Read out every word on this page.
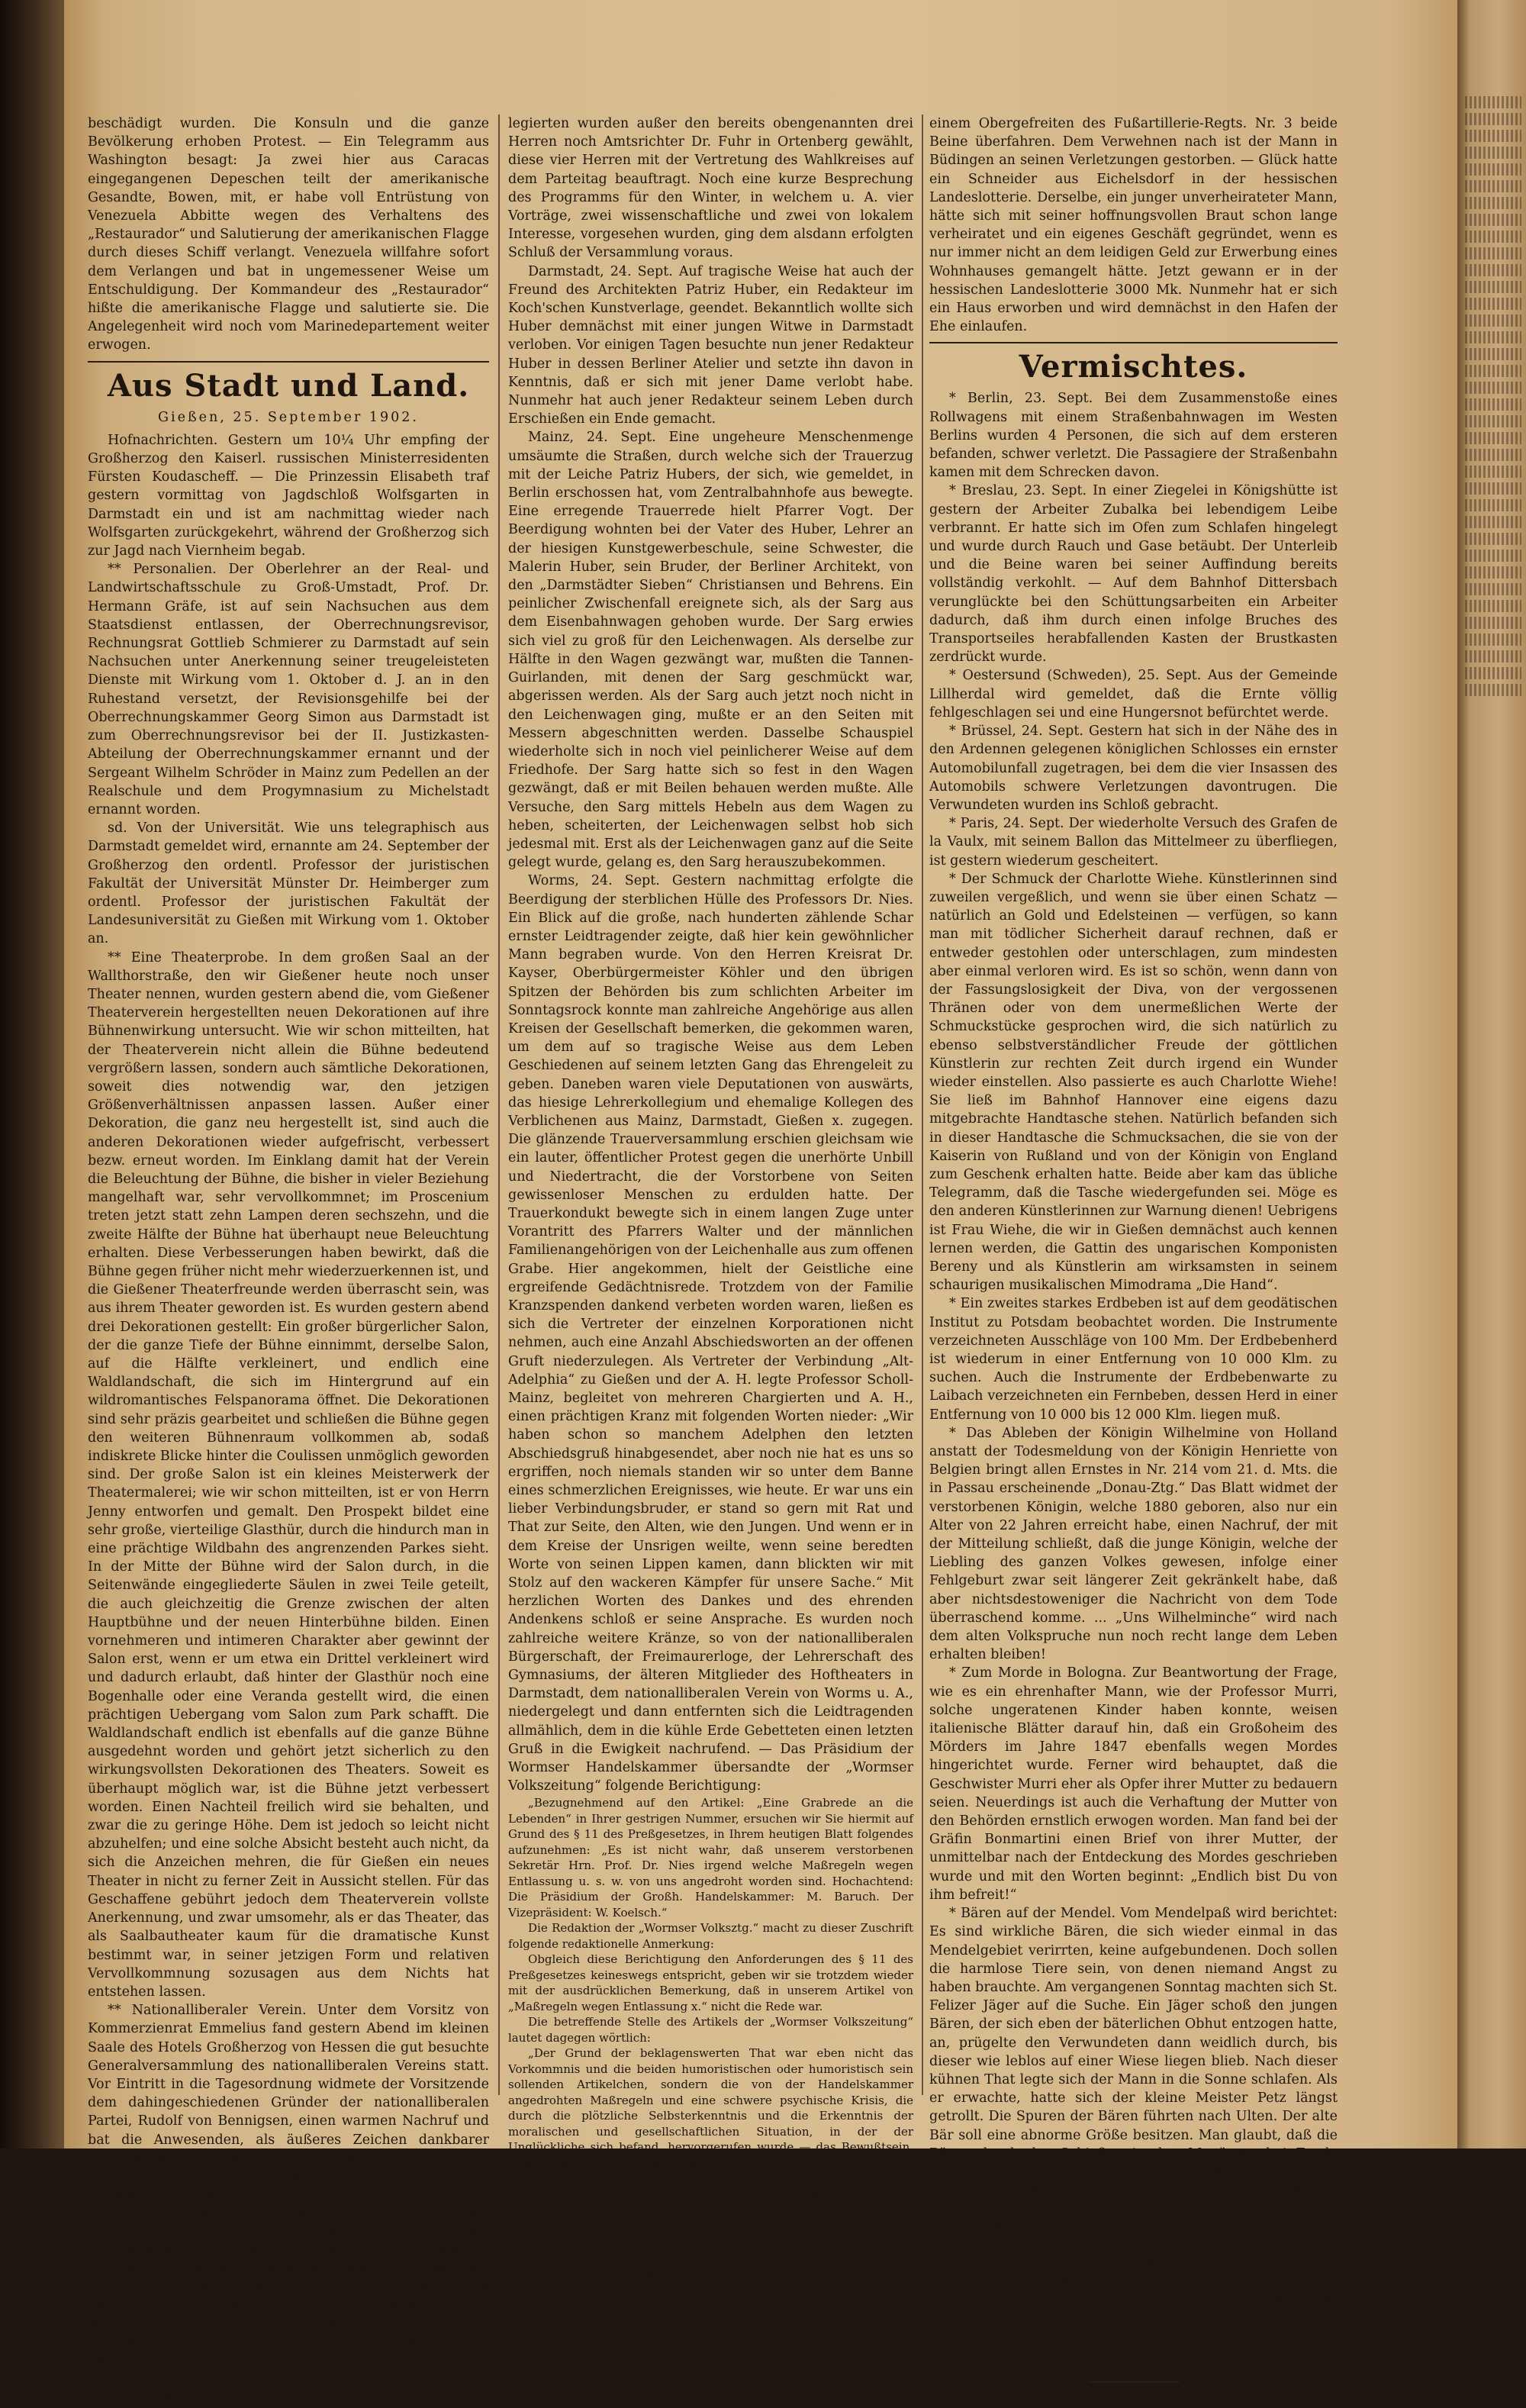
beschädigt wurden. Die Konsuln und die ganze Bevölkerung erhoben Protest. — Ein Telegramm aus Washington besagt: Ja zwei hier aus Caracas eingegangenen Depeschen teilt der amerikanische Gesandte, Bowen, mit, er habe voll Entrüstung von Venezuela Abbitte wegen des Verhaltens des „Restaurador“ und Salutierung der amerikanischen Flagge durch dieses Schiff verlangt. Venezuela willfahre sofort dem Verlangen und bat in ungemessener Weise um Entschuldigung. Der Kommandeur des „Restaurador“ hißte die amerikanische Flagge und salutierte sie. Die Angelegenheit wird noch vom Marinedepartement weiter erwogen.

Aus Stadt und Land.
Gießen, 25. September 1902.

Hofnachrichten. Gestern um 10¼ Uhr empfing der Großherzog den Kaiserl. russischen Ministerresidenten Fürsten Koudascheff. — Die Prinzessin Elisabeth traf gestern vormittag von Jagdschloß Wolfsgarten in Darmstadt ein und ist am nachmittag wieder nach Wolfsgarten zurückgekehrt, während der Großherzog sich zur Jagd nach Viernheim begab.

** Personalien. Der Oberlehrer an der Real- und Landwirtschaftsschule zu Groß-Umstadt, Prof. Dr. Hermann Gräfe, ist auf sein Nachsuchen aus dem Staatsdienst entlassen, der Oberrechnungsrevisor, Rechnungsrat Gottlieb Schmierer zu Darmstadt auf sein Nachsuchen unter Anerkennung seiner treugeleisteten Dienste mit Wirkung vom 1. Oktober d. J. an in den Ruhestand versetzt, der Revisionsgehilfe bei der Oberrechnungskammer Georg Simon aus Darmstadt ist zum Oberrechnungsrevisor bei der II. Justizkasten-Abteilung der Oberrechnungskammer ernannt und der Sergeant Wilhelm Schröder in Mainz zum Pedellen an der Realschule und dem Progymnasium zu Michelstadt ernannt worden.

sd. Von der Universität. Wie uns telegraphisch aus Darmstadt gemeldet wird, ernannte am 24. September der Großherzog den ordentl. Professor der juristischen Fakultät der Universität Münster Dr. Heimberger zum ordentl. Professor der juristischen Fakultät der Landesuniversität zu Gießen mit Wirkung vom 1. Oktober an.

** Eine Theaterprobe. In dem großen Saal an der Wallthorstraße, den wir Gießener heute noch unser Theater nennen, wurden gestern abend die, vom Gießener Theaterverein hergestellten neuen Dekorationen auf ihre Bühnenwirkung untersucht. Wie wir schon mitteilten, hat der Theaterverein nicht allein die Bühne bedeutend vergrößern lassen, sondern auch sämtliche Dekorationen, soweit dies notwendig war, den jetzigen Größenverhältnissen anpassen lassen. Außer einer Dekoration, die ganz neu hergestellt ist, sind auch die anderen Dekorationen wieder aufgefrischt, verbessert bezw. erneut worden. Im Einklang damit hat der Verein die Beleuchtung der Bühne, die bisher in vieler Beziehung mangelhaft war, sehr vervollkommnet; im Proscenium treten jetzt statt zehn Lampen deren sechszehn, und die zweite Hälfte der Bühne hat überhaupt neue Beleuchtung erhalten. Diese Verbesserungen haben bewirkt, daß die Bühne gegen früher nicht mehr wiederzuerkennen ist, und die Gießener Theaterfreunde werden überrascht sein, was aus ihrem Theater geworden ist. Es wurden gestern abend drei Dekorationen gestellt: Ein großer bürgerlicher Salon, der die ganze Tiefe der Bühne einnimmt, derselbe Salon, auf die Hälfte verkleinert, und endlich eine Waldlandschaft, die sich im Hintergrund auf ein wildromantisches Felspanorama öffnet. Die Dekorationen sind sehr präzis gearbeitet und schließen die Bühne gegen den weiteren Bühnenraum vollkommen ab, sodaß indiskrete Blicke hinter die Coulissen unmöglich geworden sind. Der große Salon ist ein kleines Meisterwerk der Theatermalerei; wie wir schon mitteilten, ist er von Herrn Jenny entworfen und gemalt. Den Prospekt bildet eine sehr große, vierteilige Glasthür, durch die hindurch man in eine prächtige Wildbahn des angrenzenden Parkes sieht. In der Mitte der Bühne wird der Salon durch, in die Seitenwände eingegliederte Säulen in zwei Teile geteilt, die auch gleichzeitig die Grenze zwischen der alten Hauptbühne und der neuen Hinterbühne bilden. Einen vornehmeren und intimeren Charakter aber gewinnt der Salon erst, wenn er um etwa ein Drittel verkleinert wird und dadurch erlaubt, daß hinter der Glasthür noch eine Bogenhalle oder eine Veranda gestellt wird, die einen prächtigen Uebergang vom Salon zum Park schafft. Die Waldlandschaft endlich ist ebenfalls auf die ganze Bühne ausgedehnt worden und gehört jetzt sicherlich zu den wirkungsvollsten Dekorationen des Theaters. Soweit es überhaupt möglich war, ist die Bühne jetzt verbessert worden. Einen Nachteil freilich wird sie behalten, und zwar die zu geringe Höhe. Dem ist jedoch so leicht nicht abzuhelfen; und eine solche Absicht besteht auch nicht, da sich die Anzeichen mehren, die für Gießen ein neues Theater in nicht zu ferner Zeit in Aussicht stellen. Für das Geschaffene gebührt jedoch dem Theaterverein vollste Anerkennung, und zwar umsomehr, als er das Theater, das als Saalbautheater kaum für die dramatische Kunst bestimmt war, in seiner jetzigen Form und relativen Vervollkommnung sozusagen aus dem Nichts hat entstehen lassen.

** Nationalliberaler Verein. Unter dem Vorsitz von Kommerzienrat Emmelius fand gestern Abend im kleinen Saale des Hotels Großherzog von Hessen die gut besuchte Generalversammlung des nationalliberalen Vereins statt. Vor Eintritt in die Tagesordnung widmete der Vorsitzende dem dahingeschiedenen Gründer der nationalliberalen Partei, Rudolf von Bennigsen, einen warmen Nachruf und bat die Anwesenden, als äußeres Zeichen dankbarer Anerkennung und ehrenden Angedenkens sich von ihren Sitzen zu erheben. Zur Landtagswahl wurde einstimmig beschlossen, die Wiederwahl des seitherigen Abgeordneten Justizrat Dr. Gutfleisch zu empfehlen und mit dem Freisinnigen Verein gemeinsam die nötigen Vorbereitungen zu treffen; in die hierfür bestimmte Kommission wurden die Kommerzienräte Emmelius und Heyligenstaedt und Stadtv. Kirch gewählt. Ueber die auf der Tagesordnung des am 10.—12. Oktober in Eisenach stattfindenden Parteitages stehenden Anträge entwickelte sich eine sehr interessante und lebhafte Diskussion, an der sich Prof. Dr. Biermer, Geh. Hofrat Dr. Siebeck, Kommerzienrat Heyligenstaedt, Landgerichtsrat Dornseiff, Stadtv. Kirch u. A. beteiligten. Zu De-

legierten wurden außer den bereits obengenannten drei Herren noch Amtsrichter Dr. Fuhr in Ortenberg gewählt, diese vier Herren mit der Vertretung des Wahlkreises auf dem Parteitag beauftragt. Noch eine kurze Besprechung des Programms für den Winter, in welchem u. A. vier Vorträge, zwei wissenschaftliche und zwei von lokalem Interesse, vorgesehen wurden, ging dem alsdann erfolgten Schluß der Versammlung voraus.

Darmstadt, 24. Sept. Auf tragische Weise hat auch der Freund des Architekten Patriz Huber, ein Redakteur im Koch'schen Kunstverlage, geendet. Bekanntlich wollte sich Huber demnächst mit einer jungen Witwe in Darmstadt verloben. Vor einigen Tagen besuchte nun jener Redakteur Huber in dessen Berliner Atelier und setzte ihn davon in Kenntnis, daß er sich mit jener Dame verlobt habe. Nunmehr hat auch jener Redakteur seinem Leben durch Erschießen ein Ende gemacht.

Mainz, 24. Sept. Eine ungeheure Menschenmenge umsäumte die Straßen, durch welche sich der Trauerzug mit der Leiche Patriz Hubers, der sich, wie gemeldet, in Berlin erschossen hat, vom Zentralbahnhofe aus bewegte. Eine erregende Trauerrede hielt Pfarrer Vogt. Der Beerdigung wohnten bei der Vater des Huber, Lehrer an der hiesigen Kunstgewerbeschule, seine Schwester, die Malerin Huber, sein Bruder, der Berliner Architekt, von den „Darmstädter Sieben“ Christiansen und Behrens. Ein peinlicher Zwischenfall ereignete sich, als der Sarg aus dem Eisenbahnwagen gehoben wurde. Der Sarg erwies sich viel zu groß für den Leichenwagen. Als derselbe zur Hälfte in den Wagen gezwängt war, mußten die Tannen-Guirlanden, mit denen der Sarg geschmückt war, abgerissen werden. Als der Sarg auch jetzt noch nicht in den Leichenwagen ging, mußte er an den Seiten mit Messern abgeschnitten werden. Dasselbe Schauspiel wiederholte sich in noch viel peinlicherer Weise auf dem Friedhofe. Der Sarg hatte sich so fest in den Wagen gezwängt, daß er mit Beilen behauen werden mußte. Alle Versuche, den Sarg mittels Hebeln aus dem Wagen zu heben, scheiterten, der Leichenwagen selbst hob sich jedesmal mit. Erst als der Leichenwagen ganz auf die Seite gelegt wurde, gelang es, den Sarg herauszubekommen.

Worms, 24. Sept. Gestern nachmittag erfolgte die Beerdigung der sterblichen Hülle des Professors Dr. Nies. Ein Blick auf die große, nach hunderten zählende Schar ernster Leidtragender zeigte, daß hier kein gewöhnlicher Mann begraben wurde. Von den Herren Kreisrat Dr. Kayser, Oberbürgermeister Köhler und den übrigen Spitzen der Behörden bis zum schlichten Arbeiter im Sonntagsrock konnte man zahlreiche Angehörige aus allen Kreisen der Gesellschaft bemerken, die gekommen waren, um dem auf so tragische Weise aus dem Leben Geschiedenen auf seinem letzten Gang das Ehrengeleit zu geben. Daneben waren viele Deputationen von auswärts, das hiesige Lehrerkollegium und ehemalige Kollegen des Verblichenen aus Mainz, Darmstadt, Gießen x. zugegen. Die glänzende Trauerversammlung erschien gleichsam wie ein lauter, öffentlicher Protest gegen die unerhörte Unbill und Niedertracht, die der Vorstorbene von Seiten gewissenloser Menschen zu erdulden hatte. Der Trauerkondukt bewegte sich in einem langen Zuge unter Vorantritt des Pfarrers Walter und der männlichen Familienangehörigen von der Leichenhalle aus zum offenen Grabe. Hier angekommen, hielt der Geistliche eine ergreifende Gedächtnisrede. Trotzdem von der Familie Kranzspenden dankend verbeten worden waren, ließen es sich die Vertreter der einzelnen Korporationen nicht nehmen, auch eine Anzahl Abschiedsworten an der offenen Gruft niederzulegen. Als Vertreter der Verbindung „Alt-Adelphia“ zu Gießen und der A. H. legte Professor Scholl-Mainz, begleitet von mehreren Chargierten und A. H., einen prächtigen Kranz mit folgenden Worten nieder: „Wir haben schon so manchem Adelphen den letzten Abschiedsgruß hinabgesendet, aber noch nie hat es uns so ergriffen, noch niemals standen wir so unter dem Banne eines schmerzlichen Ereignisses, wie heute. Er war uns ein lieber Verbindungsbruder, er stand so gern mit Rat und That zur Seite, den Alten, wie den Jungen. Und wenn er in dem Kreise der Unsrigen weilte, wenn seine beredten Worte von seinen Lippen kamen, dann blickten wir mit Stolz auf den wackeren Kämpfer für unsere Sache.“ Mit herzlichen Worten des Dankes und des ehrenden Andenkens schloß er seine Ansprache. Es wurden noch zahlreiche weitere Kränze, so von der nationalliberalen Bürgerschaft, der Freimaurerloge, der Lehrerschaft des Gymnasiums, der älteren Mitglieder des Hoftheaters in Darmstadt, dem nationalliberalen Verein von Worms u. A., niedergelegt und dann entfernten sich die Leidtragenden allmählich, dem in die kühle Erde Gebetteten einen letzten Gruß in die Ewigkeit nachrufend. — Das Präsidium der Wormser Handelskammer übersandte der „Wormser Volkszeitung“ folgende Berichtigung:

„Bezugnehmend auf den Artikel: „Eine Grabrede an die Lebenden“ in Ihrer gestrigen Nummer, ersuchen wir Sie hiermit auf Grund des § 11 des Preßgesetzes, in Ihrem heutigen Blatt folgendes aufzunehmen: „Es ist nicht wahr, daß unserem verstorbenen Sekretär Hrn. Prof. Dr. Nies irgend welche Maßregeln wegen Entlassung u. s. w. von uns angedroht worden sind. Hochachtend: Die Präsidium der Großh. Handelskammer: M. Baruch. Der Vizepräsident: W. Koelsch.“

Die Redaktion der „Wormser Volksztg.“ macht zu dieser Zuschrift folgende redaktionelle Anmerkung:

Obgleich diese Berichtigung den Anforderungen des § 11 des Preßgesetzes keineswegs entspricht, geben wir sie trotzdem wieder mit der ausdrücklichen Bemerkung, daß in unserem Artikel von „Maßregeln wegen Entlassung x.“ nicht die Rede war.

Die betreffende Stelle des Artikels der „Wormser Volkszeitung“ lautet dagegen wörtlich:

„Der Grund der beklagenswerten That war eben nicht das Vorkommnis und die beiden humoristischen oder humoristisch sein sollenden Artikelchen, sondern die von der Handelskammer angedrohten Maßregeln und eine schwere psychische Krisis, die durch die plötzliche Selbsterkenntnis und die Erkenntnis der moralischen und gesellschaftlichen Situation, in der der Unglückliche sich befand, hervorgerufen wurde — das Bewußtsein, sich in der Partei unmöglich gemacht zu haben.“

Hanau, 24. Sept. Der Magistrat hat in seiner gestrigen Sitzung beschlossen, in Gemeinschaft mit der Stadtverordnetenversammlung beim Bundesrat und dem zuständigen Ministerium um Aufhebung der Viehsperre vorstellig zu werden.

** Kleine Mitteilungen aus Hessen und den Nachbarstaaten. Bei den in der Gegend von Büdingen ausgeführten Angriffsübungen mit schwerer Artillerie wurden

einem Obergefreiten des Fußartillerie-Regts. Nr. 3 beide Beine überfahren. Dem Verwehnen nach ist der Mann in Büdingen an seinen Verletzungen gestorben. — Glück hatte ein Schneider aus Eichelsdorf in der hessischen Landeslotterie. Derselbe, ein junger unverheirateter Mann, hätte sich mit seiner hoffnungsvollen Braut schon lange verheiratet und ein eigenes Geschäft gegründet, wenn es nur immer nicht an dem leidigen Geld zur Erwerbung eines Wohnhauses gemangelt hätte. Jetzt gewann er in der hessischen Landeslotterie 3000 Mk. Nunmehr hat er sich ein Haus erworben und wird demnächst in den Hafen der Ehe einlaufen.

Vermischtes.

* Berlin, 23. Sept. Bei dem Zusammenstoße eines Rollwagens mit einem Straßenbahnwagen im Westen Berlins wurden 4 Personen, die sich auf dem ersteren befanden, schwer verletzt. Die Passagiere der Straßenbahn kamen mit dem Schrecken davon.

* Breslau, 23. Sept. In einer Ziegelei in Königshütte ist gestern der Arbeiter Zubalka bei lebendigem Leibe verbrannt. Er hatte sich im Ofen zum Schlafen hingelegt und wurde durch Rauch und Gase betäubt. Der Unterleib und die Beine waren bei seiner Auffindung bereits vollständig verkohlt. — Auf dem Bahnhof Dittersbach verunglückte bei den Schüttungsarbeiten ein Arbeiter dadurch, daß ihm durch einen infolge Bruches des Transportseiles herabfallenden Kasten der Brustkasten zerdrückt wurde.

* Oestersund (Schweden), 25. Sept. Aus der Gemeinde Lillherdal wird gemeldet, daß die Ernte völlig fehlgeschlagen sei und eine Hungersnot befürchtet werde.

* Brüssel, 24. Sept. Gestern hat sich in der Nähe des in den Ardennen gelegenen königlichen Schlosses ein ernster Automobilunfall zugetragen, bei dem die vier Insassen des Automobils schwere Verletzungen davontrugen. Die Verwundeten wurden ins Schloß gebracht.

* Paris, 24. Sept. Der wiederholte Versuch des Grafen de la Vaulx, mit seinem Ballon das Mittelmeer zu überfliegen, ist gestern wiederum gescheitert.

* Der Schmuck der Charlotte Wiehe. Künstlerinnen sind zuweilen vergeßlich, und wenn sie über einen Schatz — natürlich an Gold und Edelsteinen — verfügen, so kann man mit tödlicher Sicherheit darauf rechnen, daß er entweder gestohlen oder unterschlagen, zum mindesten aber einmal verloren wird. Es ist so schön, wenn dann von der Fassungslosigkeit der Diva, von der vergossenen Thränen oder von dem unermeßlichen Werte der Schmuckstücke gesprochen wird, die sich natürlich zu ebenso selbstverständlicher Freude der göttlichen Künstlerin zur rechten Zeit durch irgend ein Wunder wieder einstellen. Also passierte es auch Charlotte Wiehe! Sie ließ im Bahnhof Hannover eine eigens dazu mitgebrachte Handtasche stehen. Natürlich befanden sich in dieser Handtasche die Schmucksachen, die sie von der Kaiserin von Rußland und von der Königin von England zum Geschenk erhalten hatte. Beide aber kam das übliche Telegramm, daß die Tasche wiedergefunden sei. Möge es den anderen Künstlerinnen zur Warnung dienen! Uebrigens ist Frau Wiehe, die wir in Gießen demnächst auch kennen lernen werden, die Gattin des ungarischen Komponisten Bereny und als Künstlerin am wirksamsten in seinem schaurigen musikalischen Mimodrama „Die Hand“.

* Ein zweites starkes Erdbeben ist auf dem geodätischen Institut zu Potsdam beobachtet worden. Die Instrumente verzeichneten Ausschläge von 100 Mm. Der Erdbebenherd ist wiederum in einer Entfernung von 10 000 Klm. zu suchen. Auch die Instrumente der Erdbebenwarte zu Laibach verzeichneten ein Fernbeben, dessen Herd in einer Entfernung von 10 000 bis 12 000 Klm. liegen muß.

* Das Ableben der Königin Wilhelmine von Holland anstatt der Todesmeldung von der Königin Henriette von Belgien bringt allen Ernstes in Nr. 214 vom 21. d. Mts. die in Passau erscheinende „Donau-Ztg.“ Das Blatt widmet der verstorbenen Königin, welche 1880 geboren, also nur ein Alter von 22 Jahren erreicht habe, einen Nachruf, der mit der Mitteilung schließt, daß die junge Königin, welche der Liebling des ganzen Volkes gewesen, infolge einer Fehlgeburt zwar seit längerer Zeit gekränkelt habe, daß aber nichtsdestoweniger die Nachricht von dem Tode überraschend komme. ... „Uns Wilhelminche“ wird nach dem alten Volkspruche nun noch recht lange dem Leben erhalten bleiben!

* Zum Morde in Bologna. Zur Beantwortung der Frage, wie es ein ehrenhafter Mann, wie der Professor Murri, solche ungeratenen Kinder haben konnte, weisen italienische Blätter darauf hin, daß ein Großoheim des Mörders im Jahre 1847 ebenfalls wegen Mordes hingerichtet wurde. Ferner wird behauptet, daß die Geschwister Murri eher als Opfer ihrer Mutter zu bedauern seien. Neuerdings ist auch die Verhaftung der Mutter von den Behörden ernstlich erwogen worden. Man fand bei der Gräfin Bonmartini einen Brief von ihrer Mutter, der unmittelbar nach der Entdeckung des Mordes geschrieben wurde und mit den Worten beginnt: „Endlich bist Du von ihm befreit!“

* Bären auf der Mendel. Vom Mendelpaß wird berichtet: Es sind wirkliche Bären, die sich wieder einmal in das Mendelgebiet verirrten, keine aufgebundenen. Doch sollen die harmlose Tiere sein, von denen niemand Angst zu haben brauchte. Am vergangenen Sonntag machten sich St. Felizer Jäger auf die Suche. Ein Jäger schoß den jungen Bären, der sich eben der bäterlichen Obhut entzogen hatte, an, prügelte den Verwundeten dann weidlich durch, bis dieser wie leblos auf einer Wiese liegen blieb. Nach dieser kühnen That legte sich der Mann in die Sonne schlafen. Als er erwachte, hatte sich der kleine Meister Petz längst getrollt. Die Spuren der Bären führten nach Ulten. Der alte Bär soll eine abnorme Größe besitzen. Man glaubt, daß die Bären durch das Schießen in den Manövern bei Fondo aufgescheucht wurden, sonst stiegen diese alten Reste Tiroler Urzeiten nicht so weit in die Thäler nieder. Die Angst vor diesen Bären ist übrigens auch in der hiesigen Gegend aber gar nicht groß. Wird der Bär eines Menschen ansichtig, so läuft er davon — er ist menschenscheu. Dem Waldhüter kam er einmal auf Schußweite in die Nähe, doch in ungünstiger Schußstellung; als er sich eine bessere suchen, hatte das Tier Reißaus genommen. Es fehlen hier und da Schafe, doch sonst verläuft alles ohne Unruhe, selbst die weiblichen Boten, welche alle die Wälder durchwandern, zeigen keine Furcht.
